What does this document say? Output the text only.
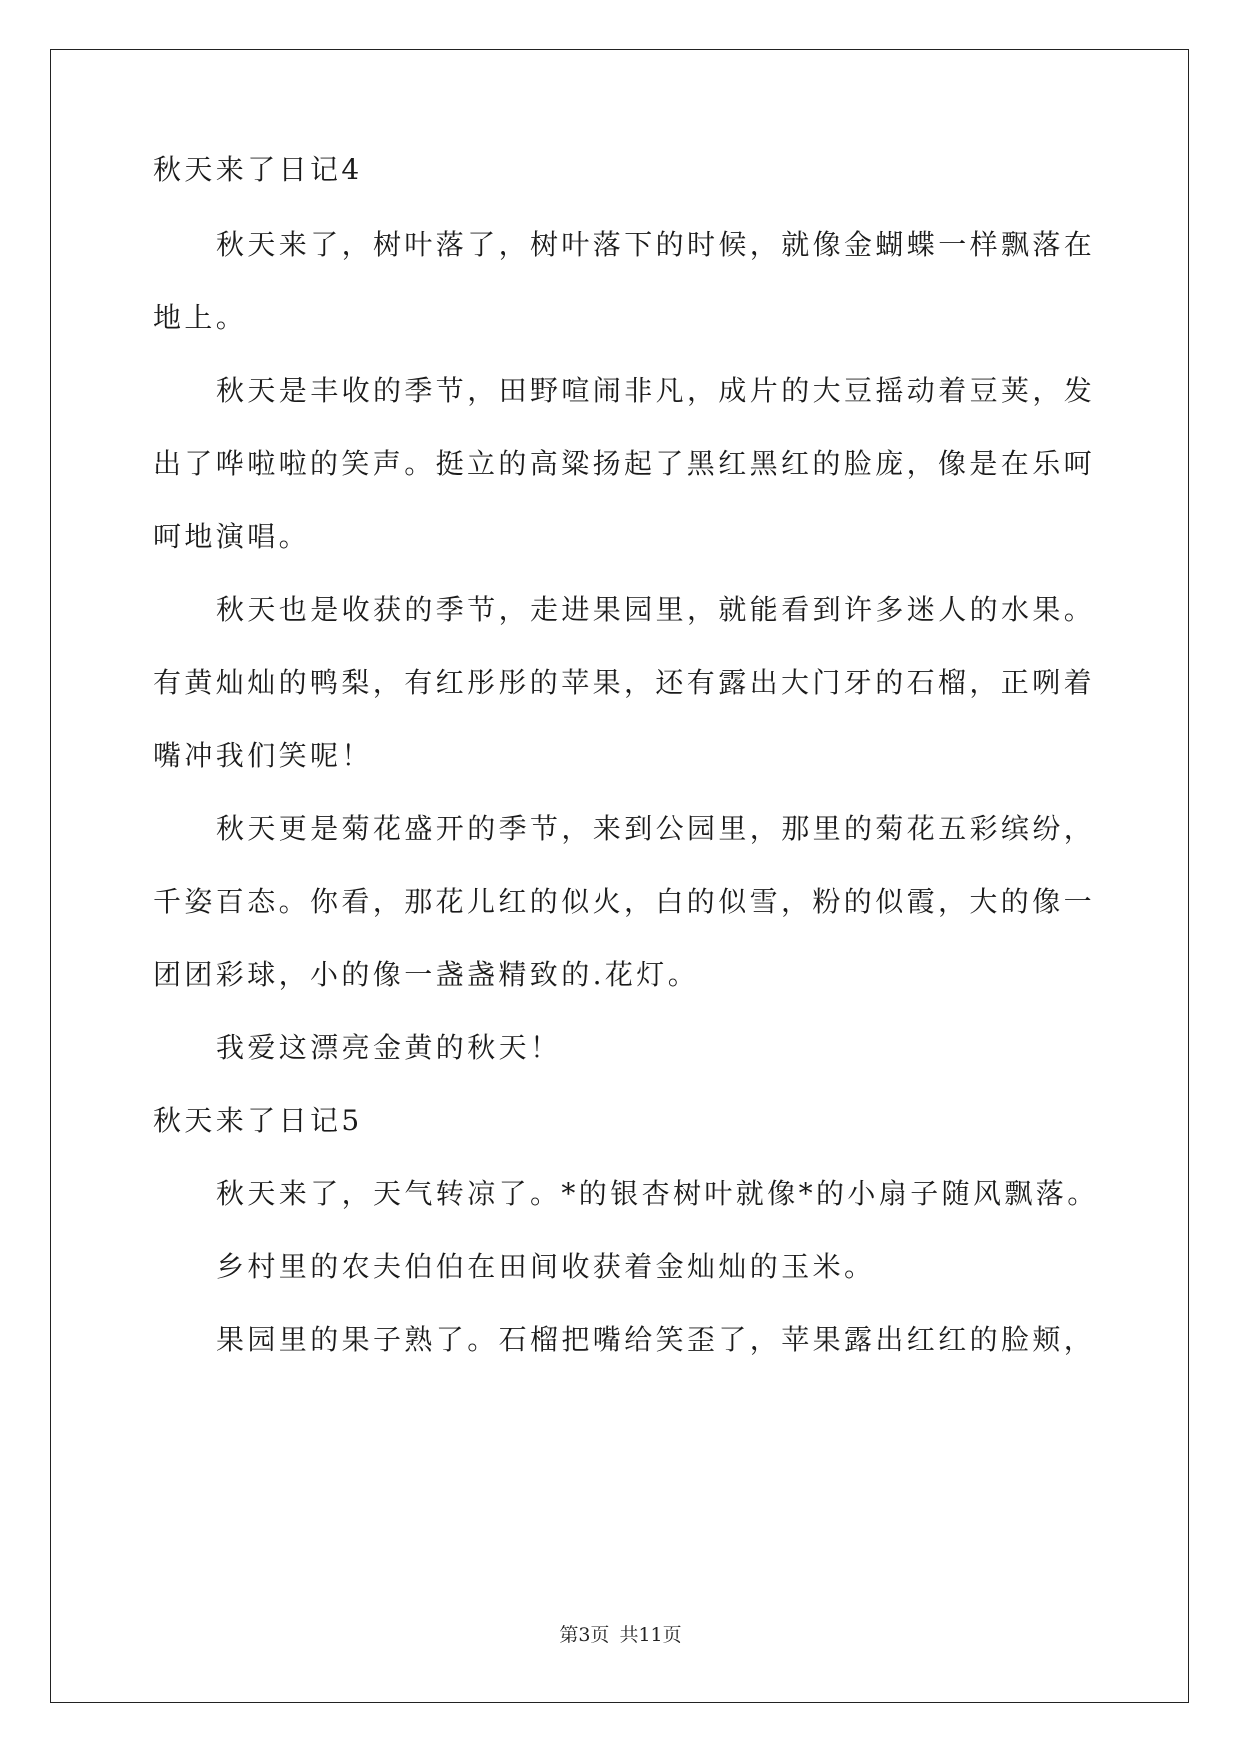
秋天来了日记4
秋天来了，树叶落了，树叶落下的时候，就像金蝴蝶一样飘落在
地上。
秋天是丰收的季节，田野喧闹非凡，成片的大豆摇动着豆荚，发
出了哗啦啦的笑声。挺立的高粱扬起了黑红黑红的脸庞，像是在乐呵
呵地演唱。
秋天也是收获的季节，走进果园里，就能看到许多迷人的水果。
有黄灿灿的鸭梨，有红彤彤的苹果，还有露出大门牙的石榴，正咧着
嘴冲我们笑呢！
秋天更是菊花盛开的季节，来到公园里，那里的菊花五彩缤纷，
千姿百态。你看，那花儿红的似火，白的似雪，粉的似霞，大的像一
团团彩球，小的像一盏盏精致的.花灯。
我爱这漂亮金黄的秋天！
秋天来了日记5
秋天来了，天气转凉了。*的银杏树叶就像*的小扇子随风飘落。
乡村里的农夫伯伯在田间收获着金灿灿的玉米。
果园里的果子熟了。石榴把嘴给笑歪了，苹果露出红红的脸颊，
第3页 共11页
